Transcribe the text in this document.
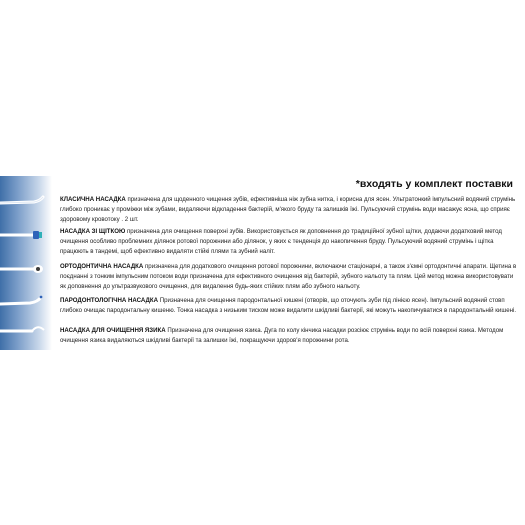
*входять у комплект поставки
КЛАСИЧНА НАСАДКА призначена для щоденного чищення зубів, ефективніша ніж зубна нитка, і корисна для ясен. Ультратонкий імпульсний водяний струмінь глибоко проникає у проміжки між зубами, видаляючи відкладення бактерій, м'якого бруду та залишків їжі. Пульсуючий струмінь води масажує ясна, що сприяє здоровому кровотоку . 2 шт.
НАСАДКА ЗІ ЩІТКОЮ призначена для очищення поверхні зубів. Використовується як доповнення до традиційної зубної щітки, додаючи додатковий метод очищення особливо проблемних ділянок ротової порожнини або ділянок, у яких є тенденція до накопичення бруду. Пульсуючий водяний струмінь і щітка працюють в тандемі, щоб ефективно видаляти стійкі плями та зубний наліт.
ОРТОДОНТИЧНА НАСАДКА призначена для додаткового очищення ротової порожнини, включаючи стаціонарні, а також з'ємні ортодонтичні апарати. Щетина в поєднанні з тонким імпульсним потоком води призначена для ефективного очищення від бактерій, зубного нальоту та плям. Цей метод можна використовувати як доповнення до ультразвукового очищення, для видалення будь-яких стійких плям або зубного нальоту.
ПАРОДОНТОЛОГІЧНА НАСАДКА Призначена для очищення пародонтальної кишені (отворів, що оточують зуби під лінією ясен). Імпульсний водяний стовп глибоко очищає пародонтальну кишеню. Тонка насадка з низьким тиском може видалити шкідливі бактерії, які можуть накопичуватися в пародонтальній кишені.
НАСАДКА ДЛЯ ОЧИЩЕННЯ ЯЗИКА Призначена для очищення язика. Дуга по колу кінчика насадки розсіює струмінь води по всій поверхні язика. Методом очищення язика видаляються шкідливі бактерії та залишки їжі, покращуючи здоров'я порожнини рота.
